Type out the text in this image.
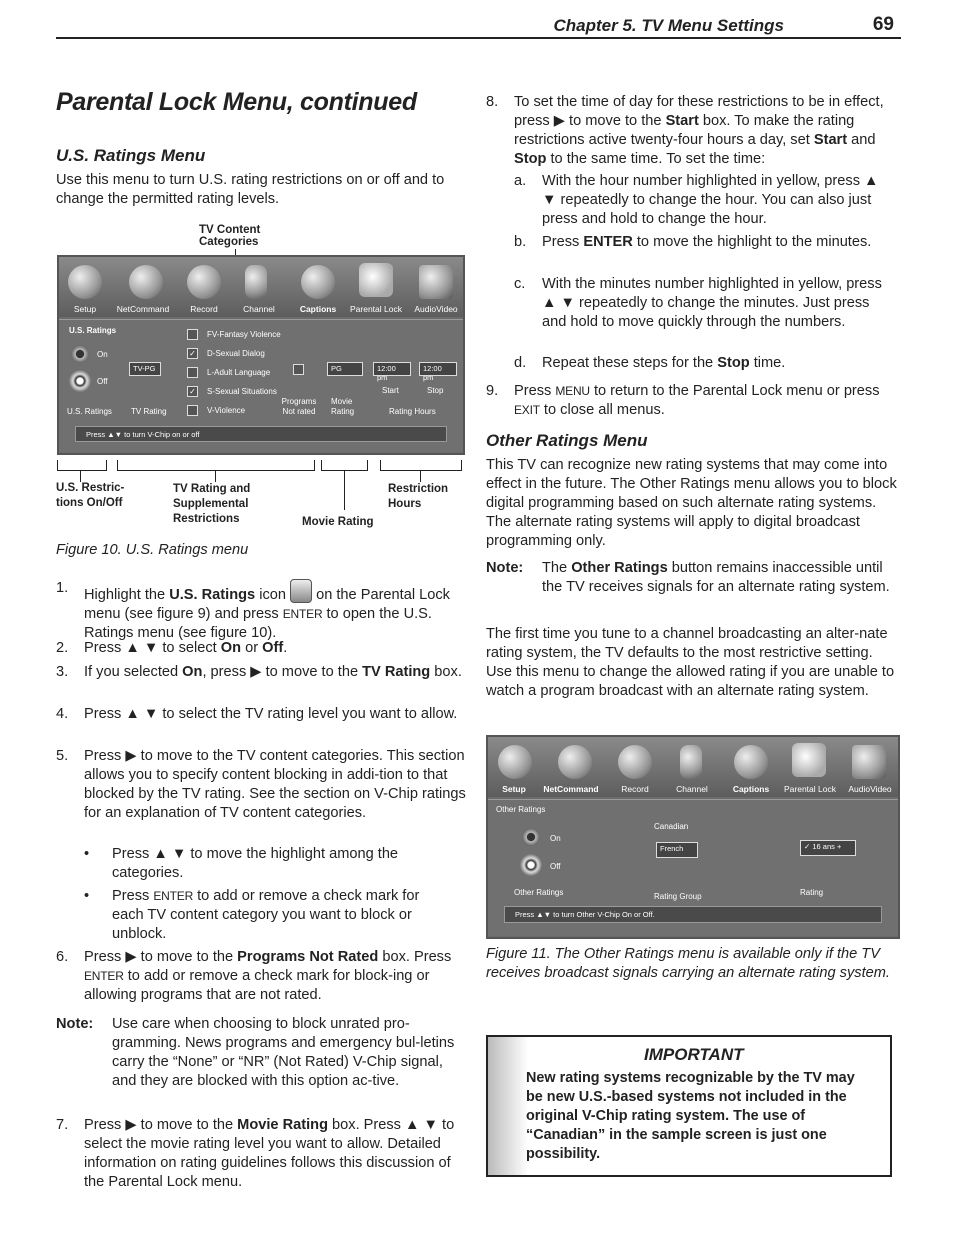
Chapter 5. TV Menu Settings	69
Parental Lock Menu, continued
U.S. Ratings Menu
Use this menu to turn U.S. rating restrictions on or off and to change the permitted rating levels.
TV Content Categories
Setup	NetCommand	Record	Channel	Captions	Parental Lock	AudioVideo
U.S. Ratings
On
Off
TV-PG
FV-Fantasy Violence
✓ D-Sexual Dialog
L-Adult Language
✓ S-Sexual Situations
V-Violence
PG	12:00 pm
12:00 pm
Start	Stop
U.S. Ratings TV Rating
Programs Not rated
Movie Rating	Rating Hours
Press ▲▼ to turn V-Chip on or off
U.S. Restric-tions On/Off
TV Rating and Supplemental Restrictions	Movie Rating
Restriction Hours
Figure 10. U.S. Ratings menu
1.	Highlight the U.S. Ratings icon  on the Parental Lock menu (see figure 9) and press ENTER to open the U.S. Ratings menu (see figure 10).
2.	Press ▲ ▼ to select On or Off.
3.	If you selected On, press ▶ to move to the TV Rating box.
4.	Press ▲ ▼ to select the TV rating level you want to allow.
5.	Press ▶ to move to the TV content categories. This section allows you to specify content blocking in addi-tion to that blocked by the TV rating. See the section on V-Chip ratings for an explanation of TV content categories.
•	Press ▲ ▼ to move the highlight among the categories.
•	Press ENTER to add or remove a check mark for each TV content category you want to block or unblock.
6.	Press ▶ to move to the Programs Not Rated box. Press ENTER to add or remove a check mark for block-ing or allowing programs that are not rated.
Note:	Use care when choosing to block unrated pro-gramming. News programs and emergency bul-letins carry the “None” or “NR” (Not Rated) V-Chip signal, and they are blocked with this option ac-tive.
7.	Press ▶ to move to the Movie Rating box. Press ▲ ▼ to select the movie rating level you want to allow. Detailed information on rating guidelines follows this discussion of the Parental Lock menu.
8.	To set the time of day for these restrictions to be in effect, press ▶ to move to the Start box. To make the rating restrictions active twenty-four hours a day, set Start and Stop to the same time. To set the time:
a.	With the hour number highlighted in yellow, press ▲ ▼ repeatedly to change the hour. You can also just press and hold to change the hour.
b.	Press ENTER to move the highlight to the minutes.
c.	With the minutes number highlighted in yellow, press ▲ ▼ repeatedly to change the minutes. Just press and hold to move quickly through the numbers.
d.	Repeat these steps for the Stop time.
9.	Press MENU to return to the Parental Lock menu or press EXIT to close all menus.
Other Ratings Menu
This TV can recognize new rating systems that may come into effect in the future. The Other Ratings menu allows you to block digital programming based on such alternate rating systems. The alternate rating systems will apply to digital broadcast programming only.
Note:	The Other Ratings button remains inaccessible until the TV receives signals for an alternate rating system.
The first time you tune to a channel broadcasting an alter-nate rating system, the TV defaults to the most restrictive setting. Use this menu to change the allowed rating if you are unable to watch a program broadcast with an alternate rating system.
Setup	NetCommand	Record	Channel	Captions	Parental Lock	AudioVideo
Other Ratings
On
Off
Canadian
French	✓ 16 ans +
Other Ratings	Rating Group	Rating
Press ▲▼ to turn Other V-Chip On or Off.
Figure 11. The Other Ratings menu is available only if the TV receives broadcast signals carrying an alternate rating system.
IMPORTANT
New rating systems recognizable by the TV may be new U.S.-based systems not included in the original V-Chip rating system. The use of “Canadian” in the sample screen is just one possibility.
